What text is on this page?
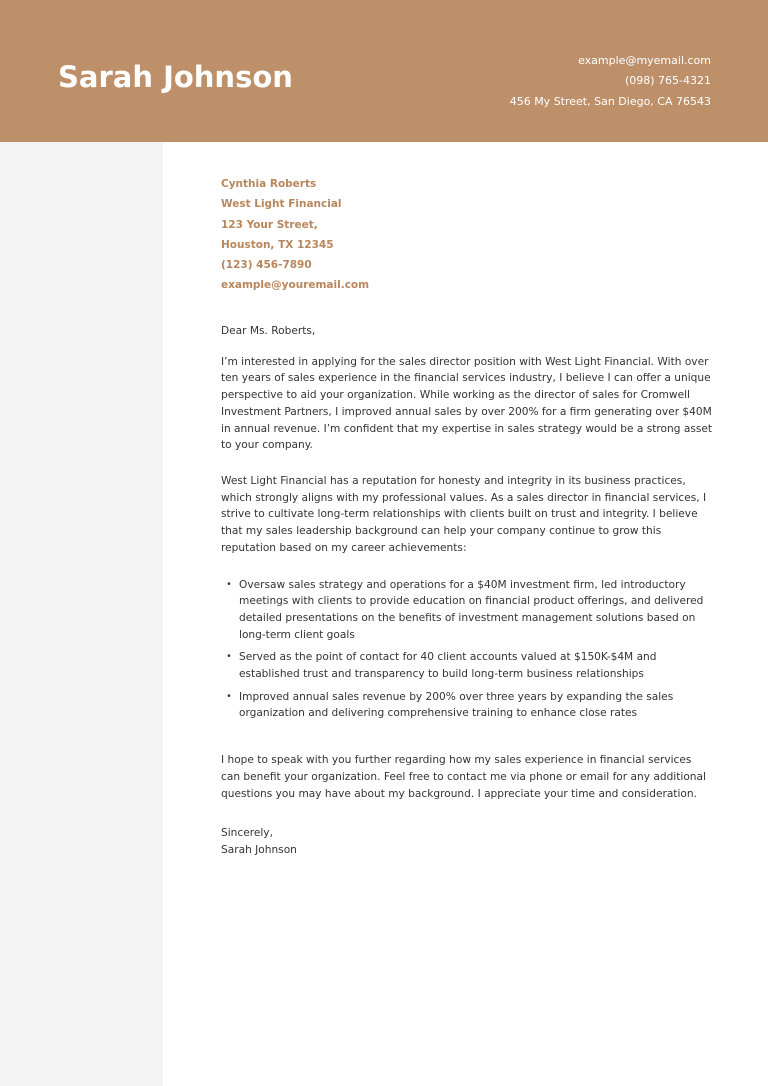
Sarah Johnson	example@myemail.com
(098) 765-4321
456 My Street, San Diego, CA 76543
Cynthia Roberts
West Light Financial
123 Your Street,
Houston, TX 12345
(123) 456-7890
example@youremail.com
Dear Ms. Roberts,

I’m interested in applying for the sales director position with West Light Financial. With over ten years of sales experience in the financial services industry, I believe I can offer a unique perspective to aid your organization. While working as the director of sales for Cromwell Investment Partners, I improved annual sales by over 200% for a firm generating over $40M in annual revenue. I’m confident that my expertise in sales strategy would be a strong asset to your company.

West Light Financial has a reputation for honesty and integrity in its business practices, which strongly aligns with my professional values. As a sales director in financial services, I strive to cultivate long-term relationships with clients built on trust and integrity. I believe that my sales leadership background can help your company continue to grow this reputation based on my career achievements:

• Oversaw sales strategy and operations for a $40M investment firm, led introductory meetings with clients to provide education on financial product offerings, and delivered detailed presentations on the benefits of investment management solutions based on long-term client goals
• Served as the point of contact for 40 client accounts valued at $150K-$4M and established trust and transparency to build long-term business relationships
• Improved annual sales revenue by 200% over three years by expanding the sales organization and delivering comprehensive training to enhance close rates

I hope to speak with you further regarding how my sales experience in financial services can benefit your organization. Feel free to contact me via phone or email for any additional questions you may have about my background. I appreciate your time and consideration.

Sincerely,
Sarah Johnson
